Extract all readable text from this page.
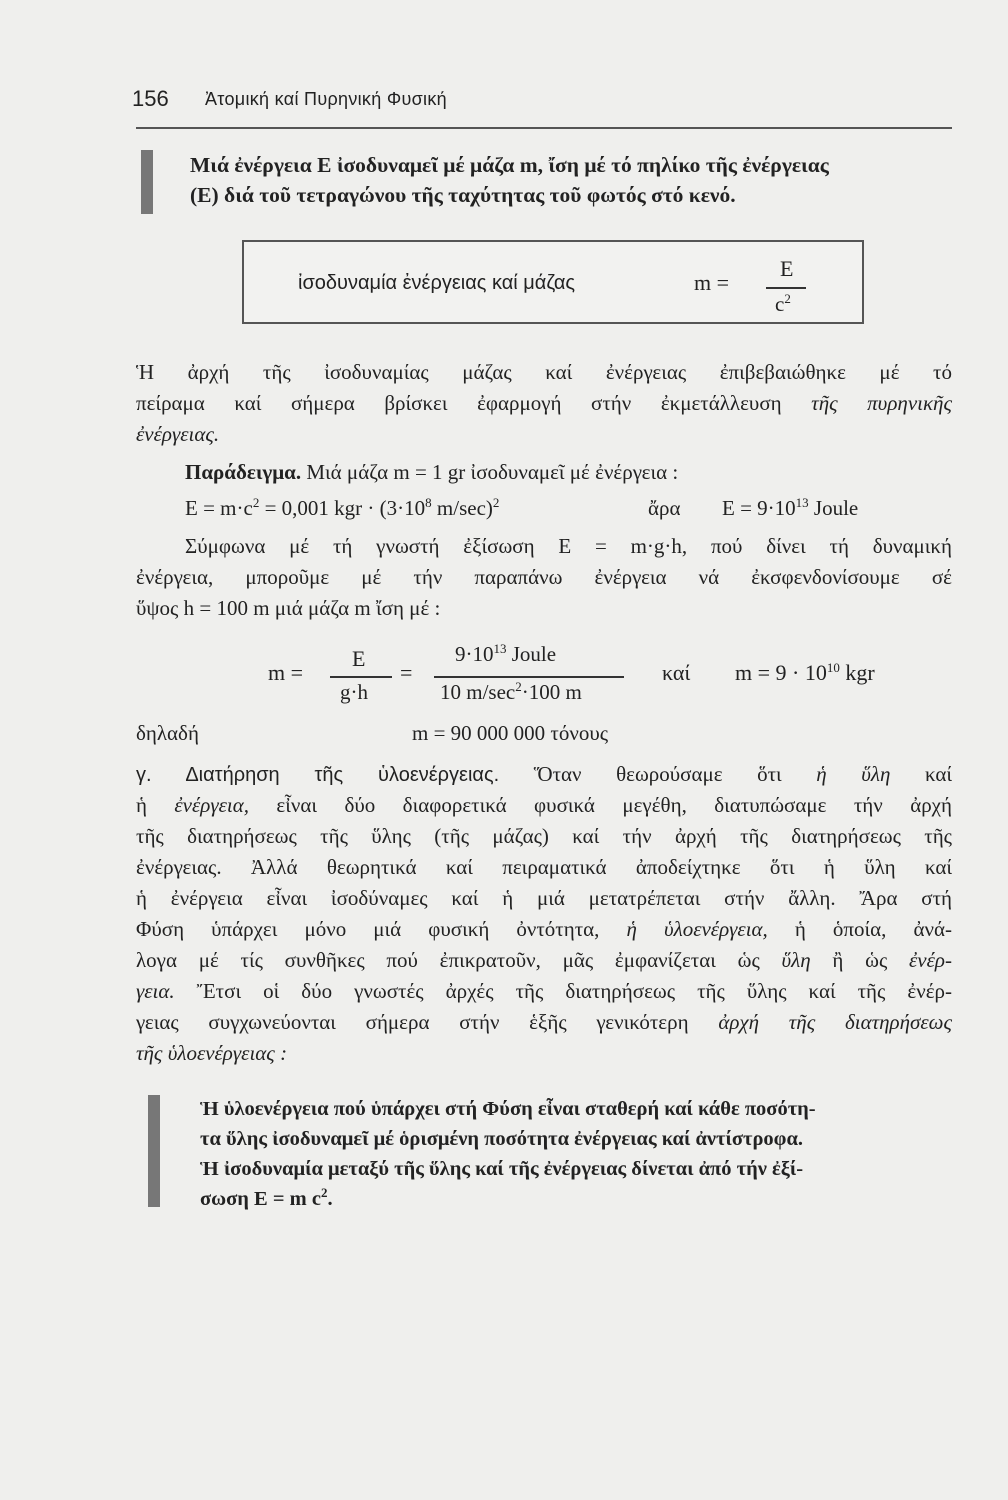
156 Ἀτομική καί Πυρηνική Φυσική
Μιά ἐνέργεια E ἰσοδυναμεῖ μέ μάζα m, ἴση μέ τό πηλίκο τῆς ἐνέργειας
(E) διά τοῦ τετραγώνου τῆς ταχύτητας τοῦ φωτός στό κενό.
ἰσοδυναμία ἐνέργειας καί μάζας	m =
E
$c^2$
Ἡ ἀρχή τῆς ἰσοδυναμίας μάζας καί ἐνέργειας ἐπιβεβαιώθηκε μέ τό
πείραμα καί σήμερα βρίσκει ἐφαρμογή στήν ἐκμετάλλευση τῆς πυρηνικῆς
ἐνέργειας.
Παράδειγμα. Μιά μάζα m = 1 gr ἰσοδυναμεῖ μέ ἐνέργεια :
$E = m\cdot c^2 = 0,001$ kgr · ($3\cdot 10^8$ m/sec)$^2$	ἄρα $E = 9\cdot 10^{13}$ Joule
Σύμφωνα μέ τή γνωστή ἐξίσωση E = m·g·h, πού δίνει τή δυναμική
ἐνέργεια, μποροῦμε μέ τήν παραπάνω ἐνέργεια νά ἐκσφενδονίσουμε σέ
ὕψος h = 100 m μιά μάζα m ἴση μέ :
m =
E
g·h
=
$9\cdot 10^{13}$ Joule
10 $m/\sec^2\cdot 100$ m
καί $m = 9 \cdot 10^{10}$ kgr
δηλαδή	m = 90 000 000 τόνους
γ. Διατήρηση τῆς ὑλοενέργειας. Ὅταν θεωρούσαμε ὅτι ἡ ὕλη καί
ἡ ἐνέργεια, εἶναι δύο διαφορετικά φυσικά μεγέθη, διατυπώσαμε τήν ἀρχή
τῆς διατηρήσεως τῆς ὕλης (τῆς μάζας) καί τήν ἀρχή τῆς διατηρήσεως τῆς
ἐνέργειας. Ἀλλά θεωρητικά καί πειραματικά ἀποδείχτηκε ὅτι ἡ ὕλη καί
ἡ ἐνέργεια εἶναι ἰσοδύναμες καί ἡ μιά μετατρέπεται στήν ἄλλη. Ἄρα στή
Φύση ὑπάρχει μόνο μιά φυσική ὀντότητα, ἡ ὑλοενέργεια, ἡ ὁποία, ἀνά-
λογα μέ τίς συνθῆκες πού ἐπικρατοῦν, μᾶς ἐμφανίζεται ὡς ὕλη ἢ ὡς ἐνέρ-
γεια. Ἔτσι οἱ δύο γνωστές ἀρχές τῆς διατηρήσεως τῆς ὕλης καί τῆς ἐνέρ-
γειας συγχωνεύονται σήμερα στήν ἑξῆς γενικότερη ἀρχή τῆς διατηρήσεως
τῆς ὑλοενέργειας :
Ἡ ὑλοενέργεια πού ὑπάρχει στή Φύση εἶναι σταθερή καί κάθε ποσότη-
τα ὕλης ἰσοδυναμεῖ μέ ὁρισμένη ποσότητα ἐνέργειας καί ἀντίστροφα.
Ἡ ἰσοδυναμία μεταξύ τῆς ὕλης καί τῆς ἐνέργειας δίνεται ἀπό τήν ἐξί-
σωση E = m $c^2$.
